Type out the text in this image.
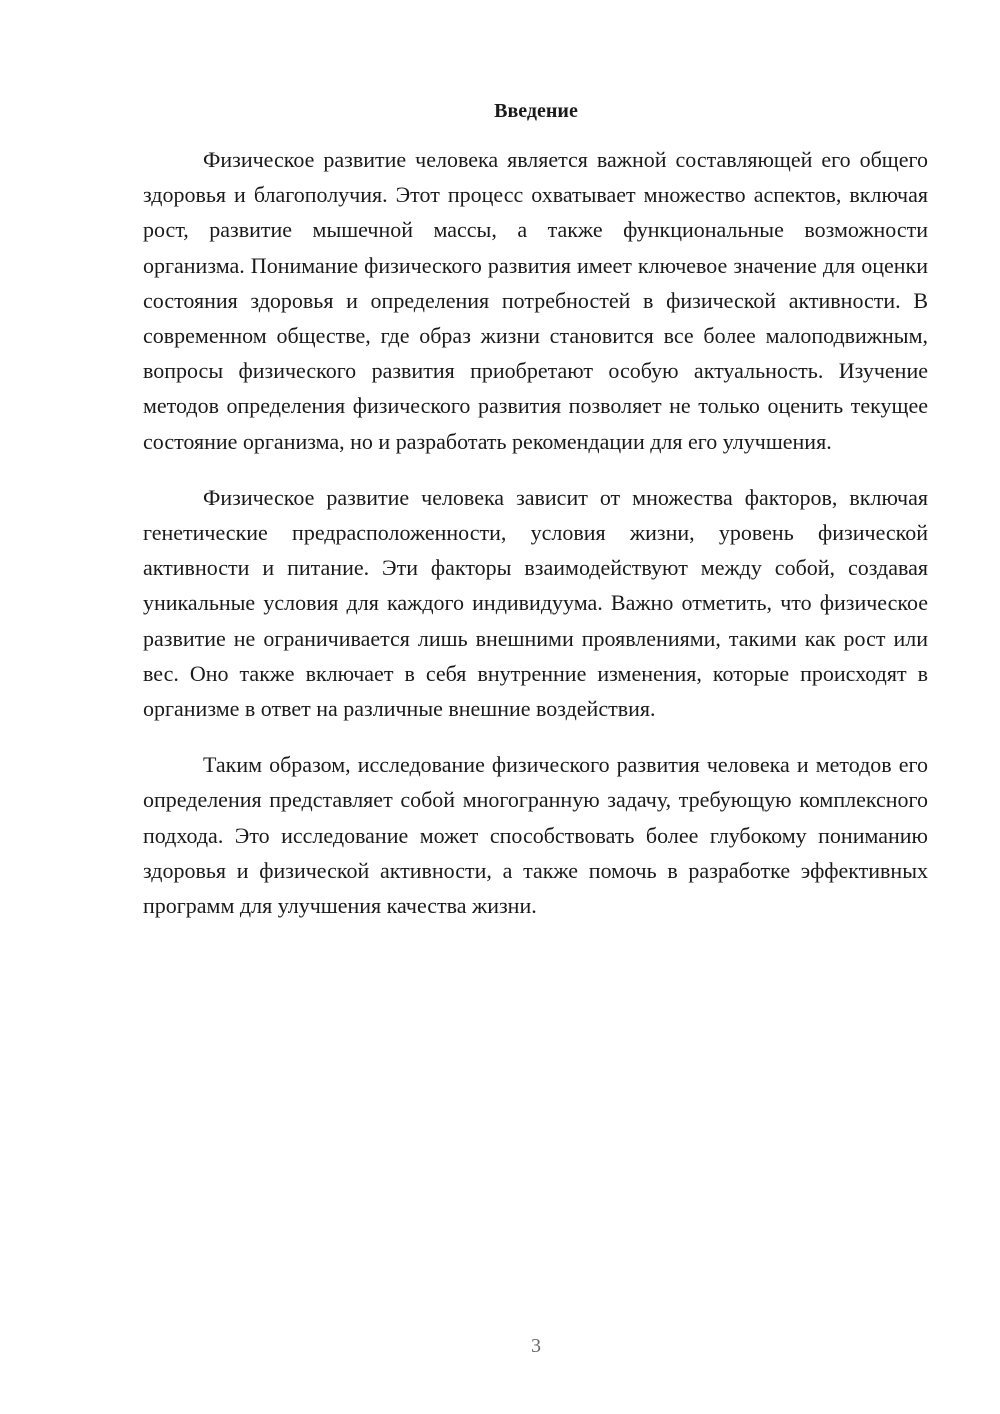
Введение

Физическое развитие человека является важной составляющей его общего здоровья и благополучия. Этот процесс охватывает множество аспектов, включая рост, развитие мышечной массы, а также функциональные возможности организма. Понимание физического развития имеет ключевое значение для оценки состояния здоровья и определения потребностей в физической активности. В современном обществе, где образ жизни становится все более малоподвижным, вопросы физического развития приобретают особую актуальность. Изучение методов определения физического развития позволяет не только оценить текущее состояние организма, но и разработать рекомендации для его улучшения.

Физическое развитие человека зависит от множества факторов, включая генетические предрасположенности, условия жизни, уровень физической активности и питание. Эти факторы взаимодействуют между собой, создавая уникальные условия для каждого индивидуума. Важно отметить, что физическое развитие не ограничивается лишь внешними проявлениями, такими как рост или вес. Оно также включает в себя внутренние изменения, которые происходят в организме в ответ на различные внешние воздействия.

Таким образом, исследование физического развития человека и методов его определения представляет собой многогранную задачу, требующую комплексного подхода. Это исследование может способствовать более глубокому пониманию здоровья и физической активности, а также помочь в разработке эффективных программ для улучшения качества жизни.

3
